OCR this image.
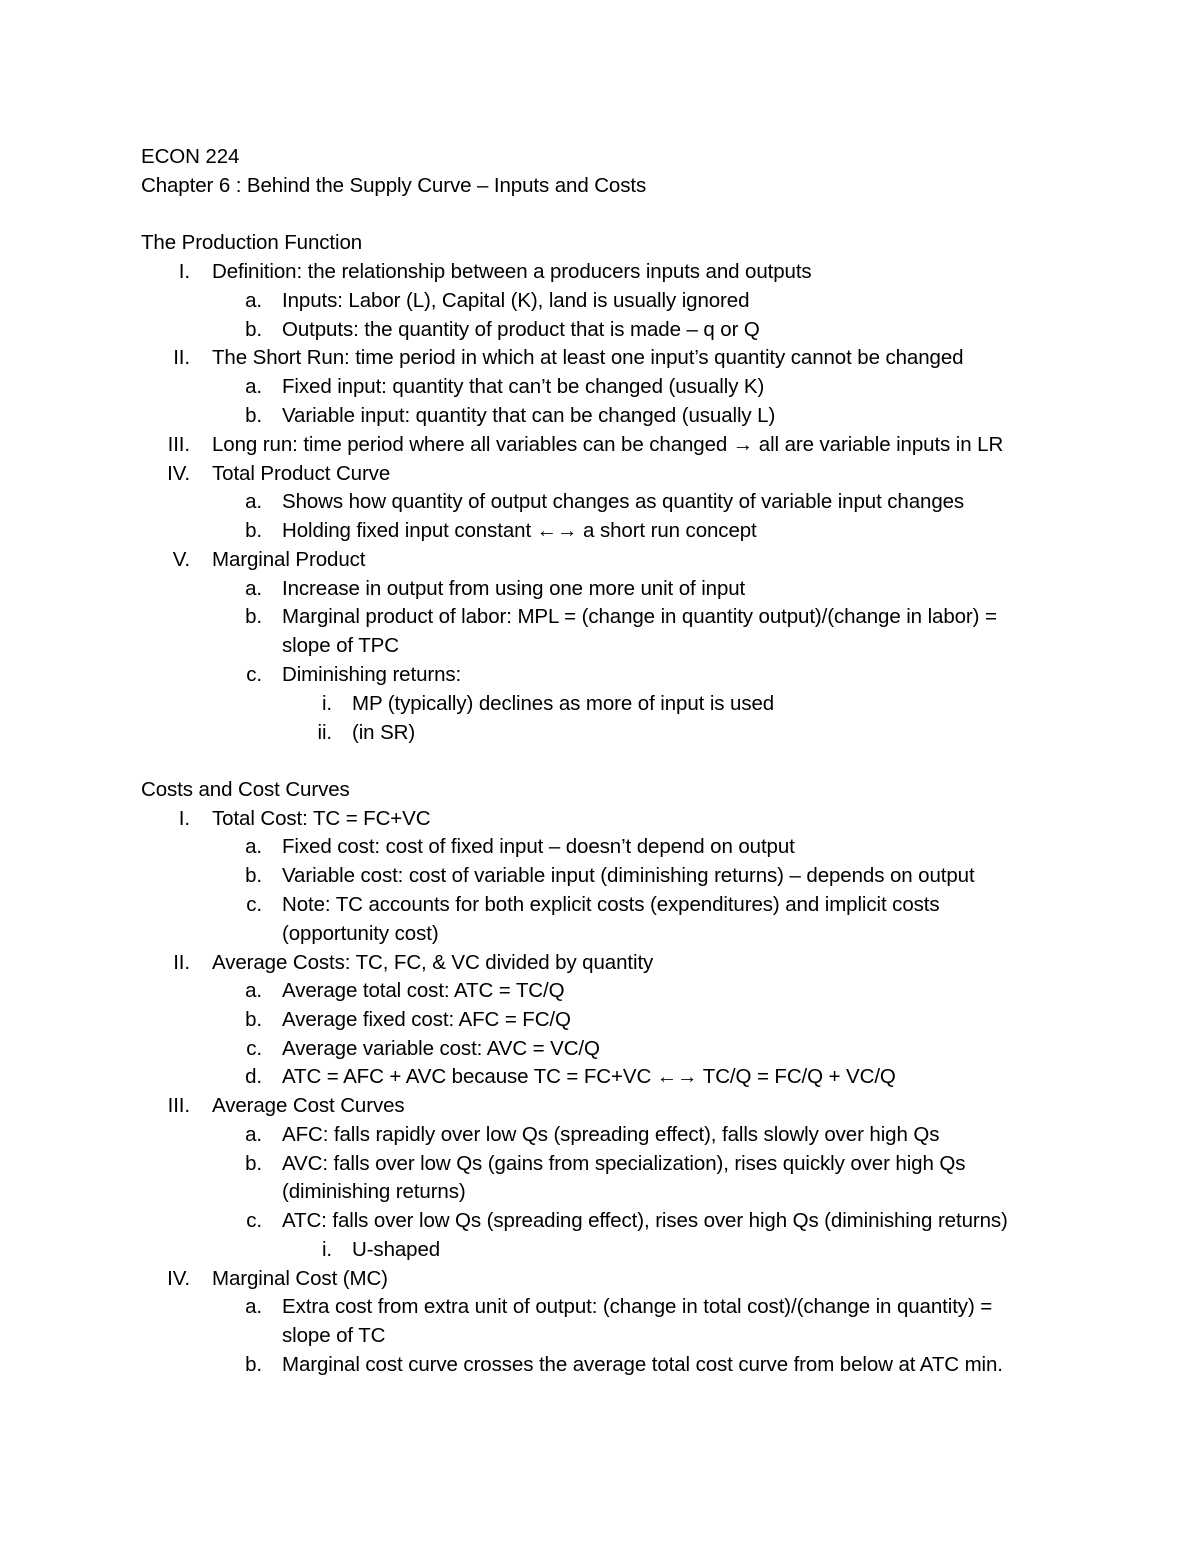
ECON 224
Chapter 6 : Behind the Supply Curve – Inputs and Costs
The Production Function
I. Definition: the relationship between a producers inputs and outputs
a. Inputs: Labor (L), Capital (K), land is usually ignored
b. Outputs: the quantity of product that is made – q or Q
II. The Short Run: time period in which at least one input’s quantity cannot be changed
a. Fixed input: quantity that can’t be changed (usually K)
b. Variable input: quantity that can be changed (usually L)
III. Long run: time period where all variables can be changed → all are variable inputs in LR
IV. Total Product Curve
a. Shows how quantity of output changes as quantity of variable input changes
b. Holding fixed input constant ←→ a short run concept
V. Marginal Product
a. Increase in output from using one more unit of input
b. Marginal product of labor: MPL = (change in quantity output)/(change in labor) =
slope of TPC
c. Diminishing returns:
i. MP (typically) declines as more of input is used
ii. (in SR)
Costs and Cost Curves
I. Total Cost: TC = FC+VC
a. Fixed cost: cost of fixed input – doesn’t depend on output
b. Variable cost: cost of variable input (diminishing returns) – depends on output
c. Note: TC accounts for both explicit costs (expenditures) and implicit costs
(opportunity cost)
II. Average Costs: TC, FC, & VC divided by quantity
a. Average total cost: ATC = TC/Q
b. Average fixed cost: AFC = FC/Q
c. Average variable cost: AVC = VC/Q
d. ATC = AFC + AVC because TC = FC+VC ←→ TC/Q = FC/Q + VC/Q
III. Average Cost Curves
a. AFC: falls rapidly over low Qs (spreading effect), falls slowly over high Qs
b. AVC: falls over low Qs (gains from specialization), rises quickly over high Qs
(diminishing returns)
c. ATC: falls over low Qs (spreading effect), rises over high Qs (diminishing returns)
i. U-shaped
IV. Marginal Cost (MC)
a. Extra cost from extra unit of output: (change in total cost)/(change in quantity) =
slope of TC
b. Marginal cost curve crosses the average total cost curve from below at ATC min.
